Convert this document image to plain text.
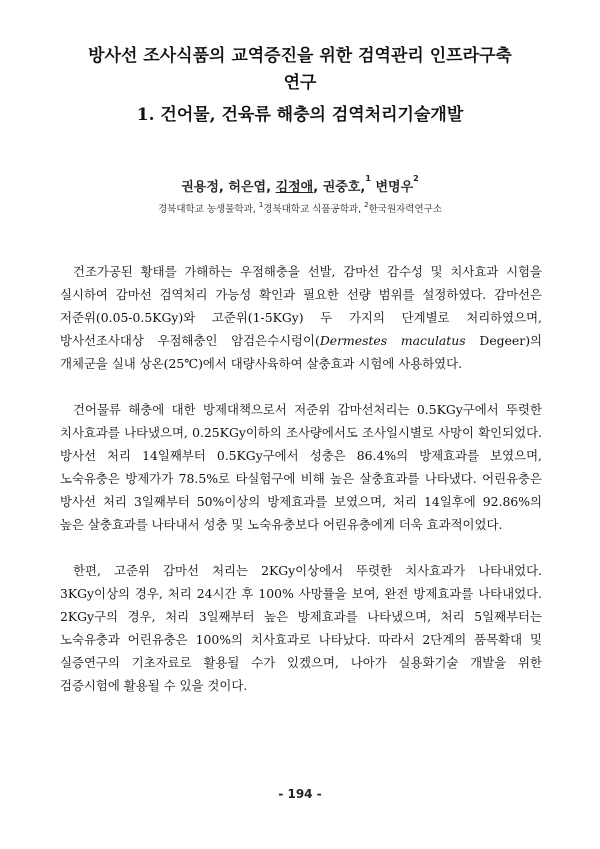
방사선 조사식품의 교역증진을 위한 검역관리 인프라구축
연구
1. 건어물, 건육류 해충의 검역처리기술개발
권용정, 허은엽, 김정애, 권중호,$^1$ 변명우$^2$
경북대학교 농생물학과, $^1$경북대학교 식품공학과, $^2$한국원자력연구소

건조가공된 황태를 가해하는 우점해충을 선발, 감마선 감수성 및 치사효과 시험을 실시하여 감마선 검역처리 가능성 확인과 필요한 선량 범위를 설정하였다. 감마선은 저준위(0.05-0.5KGy)와 고준위(1-5KGy) 두 가지의 단계별로 처리하였으며, 방사선조사대상 우점해충인 암검은수시렁이(Dermestes maculatus Degeer)의 개체군을 실내 상온(25℃)에서 대량사육하여 살충효과 시험에 사용하였다.

건어물류 해충에 대한 방제대책으로서 저준위 감마선처리는 0.5KGy구에서 뚜렷한 치사효과를 나타냈으며, 0.25KGy이하의 조사량에서도 조사일시별로 사망이 확인되었다. 방사선 처리 14일째부터 0.5KGy구에서 성충은 86.4%의 방제효과를 보였으며, 노숙유충은 방제가가 78.5%로 타실험구에 비해 높은 살충효과를 나타냈다. 어린유충은 방사선 처리 3일째부터 50%이상의 방제효과를 보였으며, 처리 14일후에 92.86%의 높은 살충효과를 나타내서 성충 및 노숙유충보다 어린유충에게 더욱 효과적이었다.

한편, 고준위 감마선 처리는 2KGy이상에서 뚜렷한 치사효과가 나타내었다. 3KGy이상의 경우, 처리 24시간 후 100% 사망률을 보여, 완전 방제효과를 나타내었다. 2KGy구의 경우, 처리 3일째부터 높은 방제효과를 나타냈으며, 처리 5일째부터는 노숙유충과 어린유충은 100%의 치사효과로 나타났다. 따라서 2단계의 품목확대 및 실증연구의 기초자료로 활용될 수가 있겠으며, 나아가 실용화기술 개발을 위한 검증시험에 활용될 수 있을 것이다.

- 194 -
